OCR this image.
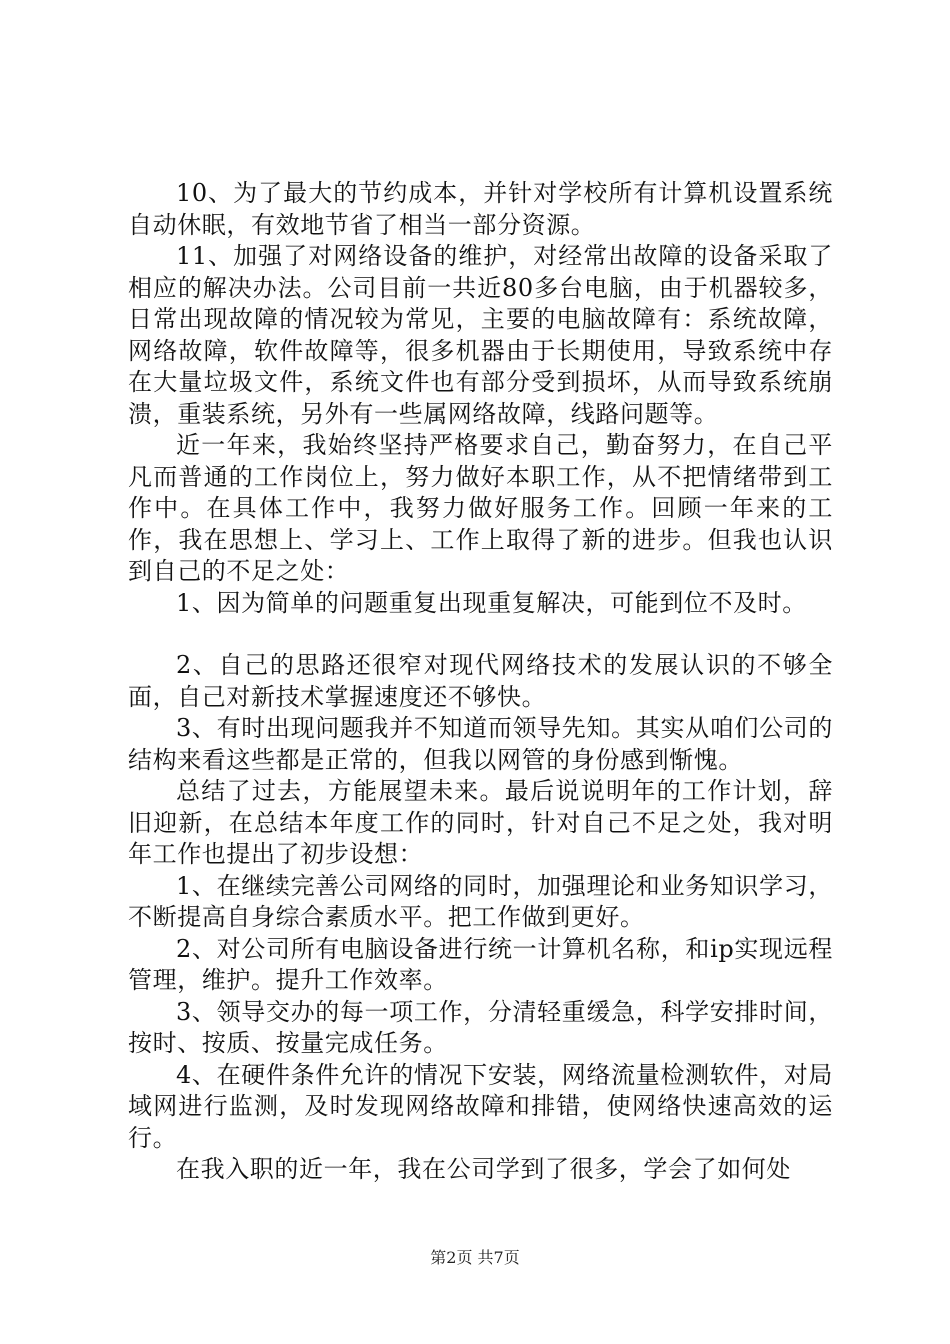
10、为了最大的节约成本，并针对学校所有计算机设置系统自动休眠，有效地节省了相当一部分资源。

11、加强了对网络设备的维护，对经常出故障的设备采取了相应的解决办法。公司目前一共近80多台电脑，由于机器较多，日常出现故障的情况较为常见，主要的电脑故障有：系统故障，网络故障，软件故障等，很多机器由于长期使用，导致系统中存在大量垃圾文件，系统文件也有部分受到损坏，从而导致系统崩溃，重装系统，另外有一些属网络故障，线路问题等。

近一年来，我始终坚持严格要求自己，勤奋努力，在自己平凡而普通的工作岗位上，努力做好本职工作，从不把情绪带到工作中。在具体工作中，我努力做好服务工作。回顾一年来的工作，我在思想上、学习上、工作上取得了新的进步。但我也认识到自己的不足之处：

1、因为简单的问题重复出现重复解决，可能到位不及时。

2、自己的思路还很窄对现代网络技术的发展认识的不够全面，自己对新技术掌握速度还不够快。

3、有时出现问题我并不知道而领导先知。其实从咱们公司的结构来看这些都是正常的，但我以网管的身份感到惭愧。

总结了过去，方能展望未来。最后说说明年的工作计划，辞旧迎新，在总结本年度工作的同时，针对自己不足之处，我对明年工作也提出了初步设想：

1、在继续完善公司网络的同时，加强理论和业务知识学习，不断提高自身综合素质水平。把工作做到更好。

2、对公司所有电脑设备进行统一计算机名称，和ip实现远程管理，维护。提升工作效率。

3、领导交办的每一项工作，分清轻重缓急，科学安排时间，按时、按质、按量完成任务。

4、在硬件条件允许的情况下安装，网络流量检测软件，对局域网进行监测，及时发现网络故障和排错，使网络快速高效的运行。

在我入职的近一年，我在公司学到了很多，学会了如何处

第2页 共7页
